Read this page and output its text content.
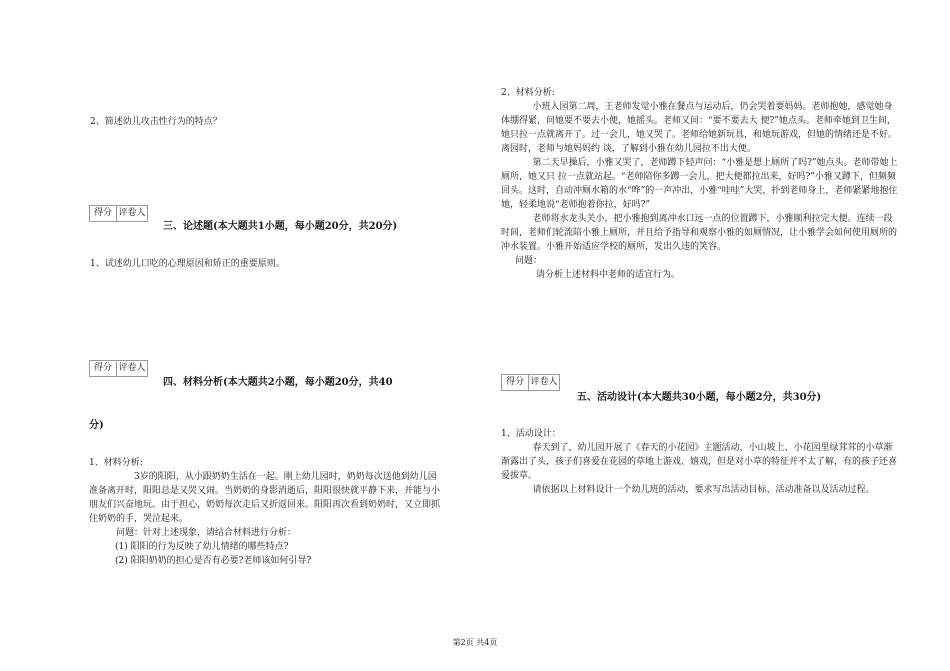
2、简述幼儿攻击性行为的特点？

得分 评卷人
三、论述题(本大题共1小题，每小题20分，共20分)

1、试述幼儿口吃的心理原因和矫正的重要原则。

得分 评卷人
四、材料分析(本大题共2小题，每小题20分，共40
分)

1、材料分析:

3岁的阳阳，从小跟奶奶生活在一起。刚上幼儿园时，奶奶每次送他到幼儿园准备离开时，阳阳总是又哭又闹。当奶奶的身影消逝后，阳阳很快就平静下来，并能与小朋友们兴奋地玩。由于担心，奶奶每次走后又折返回来。阳阳再次看到奶奶时，又立即抓住奶奶的手，哭泣起来。

问题：针对上述现象，请结合材料进行分析：

(1) 阳阳的行为反映了幼儿情绪的哪些特点?

(2) 阳阳奶奶的担心是否有必要?老师该如何引导?

2、材料分析:

小班入园第二周，王老师发觉小雅在餐点与运动后，仍会哭着要妈妈。老师抱她，感觉她身体绷得紧，问她要不要去小便，她摇头。老师又问：“要不要去大 便?”她点头。老师牵她到卫生间，她只拉一点就离开了。过一会儿，她又哭了。老师给她新玩具，和她玩游戏，但她的情绪还是不好。离园时，老师与她妈妈约 谈，了解到小雅在幼儿园拉不出大便。

第二天早操后，小雅又哭了，老师蹲下轻声问：“小雅是想上厕所了吗?”她点头。老师带她上厕所，她又只 拉一点就站起。“老师陪你多蹲一会儿，把大便都拉出来，好吗?”小雅又蹲下，但频频回头。这时，自动冲厕水箱的水“哗”的一声冲出，小雅“哇哇”大哭，扑到老师身上，老师紧紧地抱住她，轻柔地说“老师抱着你拉，好吗?”

老师将水龙头关小，把小雅抱到离冲水口远一点的位置蹲下，小雅顺利拉完大便。连续一段时间，老师们轮流陪小雅上厕所，并且给予指导和观察小雅的如厕情况，让小雅学会如何使用厕所的冲水装置。小雅开始适应学校的厕所，发出久违的笑容。

问题：

请分析上述材料中老师的适宜行为。

得分 评卷人
五、活动设计(本大题共30小题，每小题2分，共30分)

1、活动设计：

春天到了，幼儿园开展了《春天的小花园》主题活动，小山坡上、小花园里绿茸茸的小草渐渐露出了头，孩子们喜爱在花园的草地上游戏、嬉戏，但是对小草的特征并不太了解，有的孩子还喜爱拔草。

请依据以上材料设计一个幼儿班的活动，要求写出活动目标、活动准备以及活动过程。

第2页 共4页
